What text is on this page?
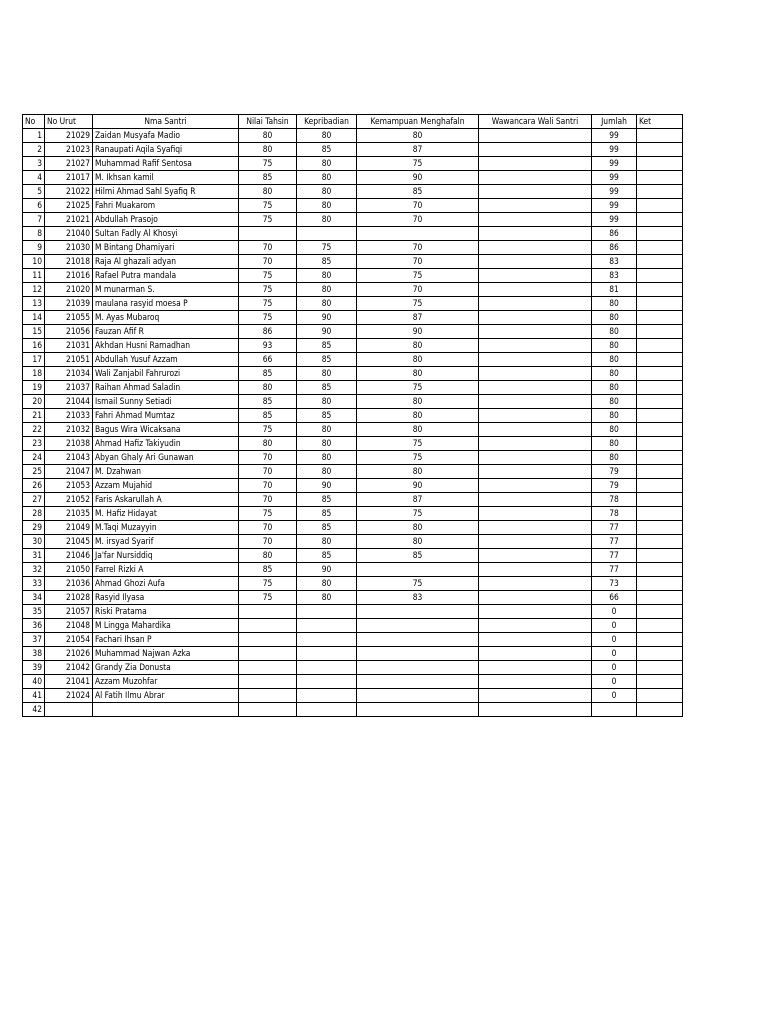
No	No Urut	Nma Santri	Nilai Tahsin	Kepribadian	Kemampuan Menghafaln	Wawancara Wali Santri	Jumlah	Ket
1	21029	Zaidan Musyafa Madio	80	80	80		99	
2	21023	Ranaupati Aqila Syafiqi	80	85	87		99	
3	21027	Muhammad Rafif Sentosa	75	80	75		99	
4	21017	M. Ikhsan kamil	85	80	90		99	
5	21022	Hilmi Ahmad Sahl Syafiq R	80	80	85		99	
6	21025	Fahri Muakarom	75	80	70		99	
7	21021	Abdullah Prasojo	75	80	70		99	
8	21040	Sultan Fadly Al Khosyi					86	
9	21030	M Bintang Dhamiyari	70	75	70		86	
10	21018	Raja Al ghazali adyan	70	85	70		83	
11	21016	Rafael Putra mandala	75	80	75		83	
12	21020	M munarman S.	75	80	70		81	
13	21039	maulana rasyid moesa P	75	80	75		80	
14	21055	M. Ayas Mubaroq	75	90	87		80	
15	21056	Fauzan Afif R	86	90	90		80	
16	21031	Akhdan Husni Ramadhan	93	85	80		80	
17	21051	Abdullah Yusuf Azzam	66	85	80		80	
18	21034	Wali Zanjabil Fahrurozi	85	80	80		80	
19	21037	Raihan Ahmad Saladin	80	85	75		80	
20	21044	Ismail Sunny Setiadi	85	80	80		80	
21	21033	Fahri Ahmad Mumtaz	85	85	80		80	
22	21032	Bagus Wira Wicaksana	75	80	80		80	
23	21038	Ahmad Hafiz Takiyudin	80	80	75		80	
24	21043	Abyan Ghaly Ari Gunawan	70	80	75		80	
25	21047	M. Dzahwan	70	80	80		79	
26	21053	Azzam Mujahid	70	90	90		79	
27	21052	Faris Askarullah A	70	85	87		78	
28	21035	M. Hafiz Hidayat	75	85	75		78	
29	21049	M.Taqi Muzayyin	70	85	80		77	
30	21045	M. irsyad Syarif	70	80	80		77	
31	21046	Ja'far Nursiddiq	80	85	85		77	
32	21050	Farrel Rizki A	85	90			77	
33	21036	Ahmad Ghozi Aufa	75	80	75		73	
34	21028	Rasyid Ilyasa	75	80	83		66	
35	21057	Riski Pratama					0	
36	21048	M Lingga Mahardika					0	
37	21054	Fachari Ihsan P					0	
38	21026	Muhammad Najwan Azka					0	
39	21042	Grandy Zia Donusta					0	
40	21041	Azzam Muzohfar					0	
41	21024	Al Fatih Ilmu Abrar					0	
42								
